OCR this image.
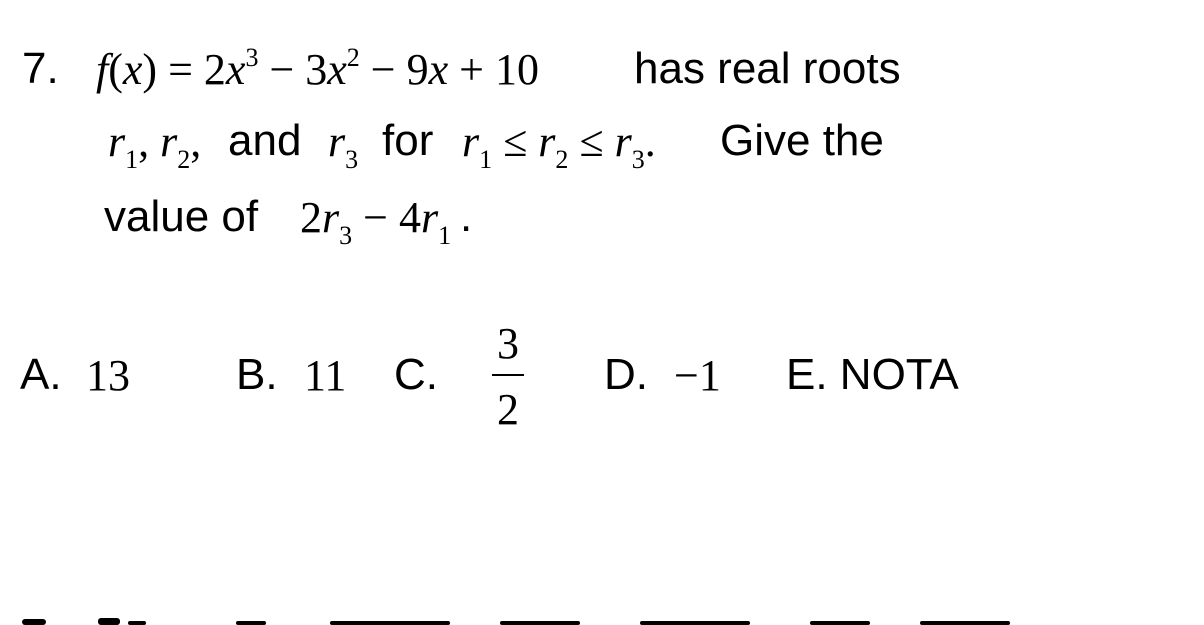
7. $f(x) = 2x^3 - 3x^2 - 9x + 10$ has real roots
$r_1$, $r_2$, and $r_3$ for $r_1 \le r_2 \le r_3$. Give the
value of $2r_3 - 4r_1$ .
A. 13 B. 11 C.
3
2
D. −1 E. NOTA
